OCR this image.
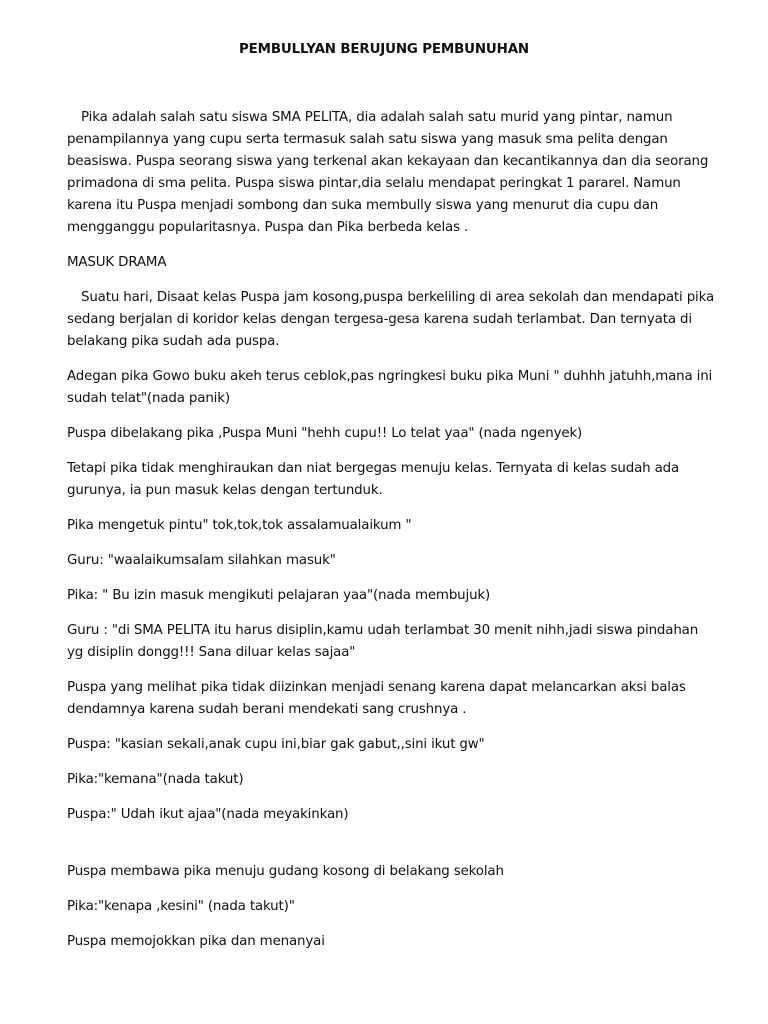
PEMBULLYAN BERUJUNG PEMBUNUHAN

Pika adalah salah satu siswa SMA PELITA, dia adalah salah satu murid yang pintar, namun penampilannya yang cupu serta termasuk salah satu siswa yang masuk sma pelita dengan beasiswa. Puspa seorang siswa yang terkenal akan kekayaan dan kecantikannya dan dia seorang primadona di sma pelita. Puspa siswa pintar,dia selalu mendapat peringkat 1 pararel. Namun karena itu Puspa menjadi sombong dan suka membully siswa yang menurut dia cupu dan mengganggu popularitasnya. Puspa dan Pika berbeda kelas .

MASUK DRAMA

Suatu hari, Disaat kelas Puspa jam kosong,puspa berkeliling di area sekolah dan mendapati pika sedang berjalan di koridor kelas dengan tergesa-gesa karena sudah terlambat. Dan ternyata di belakang pika sudah ada puspa.

Adegan pika Gowo buku akeh terus ceblok,pas ngringkesi buku pika Muni " duhhh jatuhh,mana ini sudah telat"(nada panik)

Puspa dibelakang pika ,Puspa Muni "hehh cupu!! Lo telat yaa" (nada ngenyek)

Tetapi pika tidak menghiraukan dan niat bergegas menuju kelas. Ternyata di kelas sudah ada gurunya, ia pun masuk kelas dengan tertunduk.

Pika mengetuk pintu" tok,tok,tok assalamualaikum "

Guru: "waalaikumsalam silahkan masuk"

Pika: " Bu izin masuk mengikuti pelajaran yaa"(nada membujuk)

Guru : "di SMA PELITA itu harus disiplin,kamu udah terlambat 30 menit nihh,jadi siswa pindahan yg disiplin dongg!!! Sana diluar kelas sajaa"

Puspa yang melihat pika tidak diizinkan menjadi senang karena dapat melancarkan aksi balas dendamnya karena sudah berani mendekati sang crushnya .

Puspa: "kasian sekali,anak cupu ini,biar gak gabut,,sini ikut gw"

Pika:"kemana"(nada takut)

Puspa:" Udah ikut ajaa"(nada meyakinkan)

Puspa membawa pika menuju gudang kosong di belakang sekolah

Pika:"kenapa ,kesini" (nada takut)"

Puspa memojokkan pika dan menanyai
